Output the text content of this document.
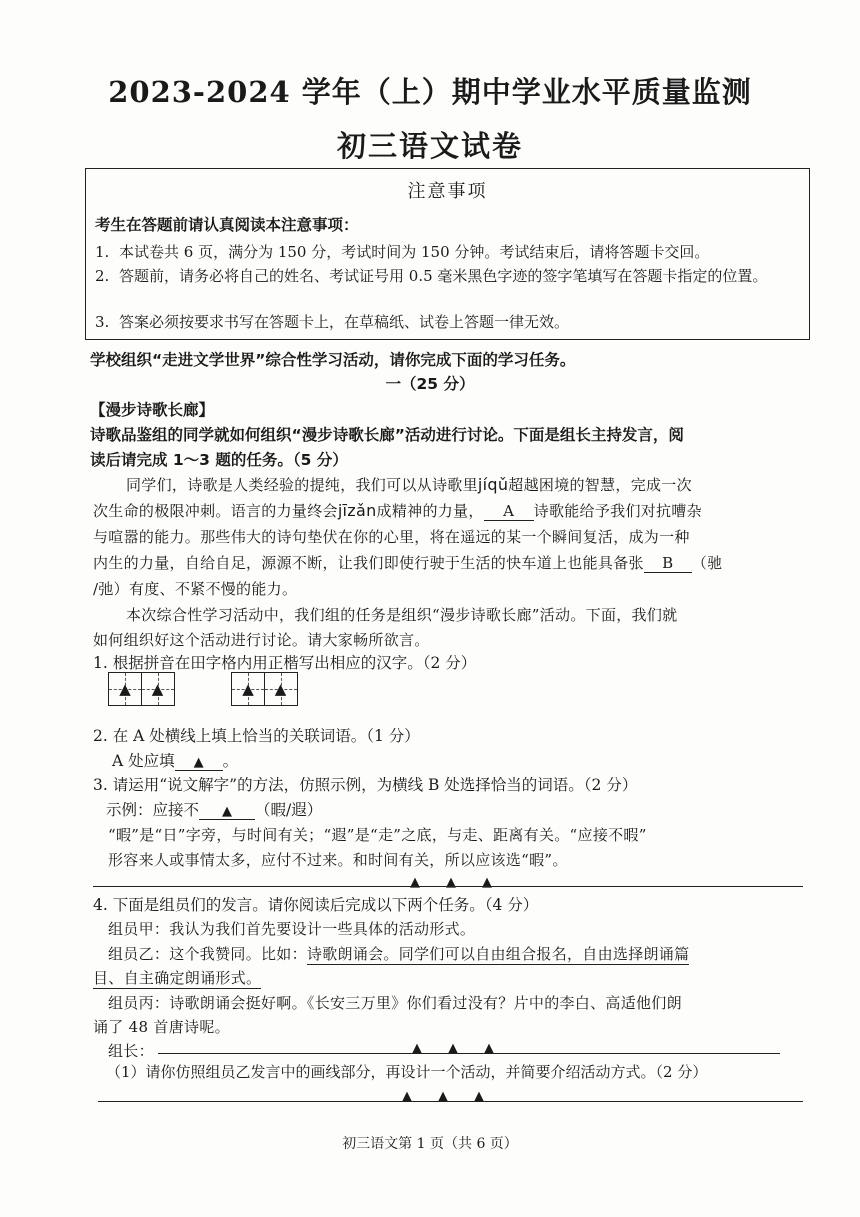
2023-2024 学年（上）期中学业水平质量监测
初三语文试卷
注意事项
考生在答题前请认真阅读本注意事项：
1. 本试卷共 6 页，满分为 150 分，考试时间为 150 分钟。考试结束后，请将答题卡交回。
2. 答题前，请务必将自己的姓名、考试证号用 0.5 毫米黑色字迹的签字笔填写在答题卡指定的位置。
3. 答案必须按要求书写在答题卡上，在草稿纸、试卷上答题一律无效。
学校组织“走进文学世界”综合性学习活动，请你完成下面的学习任务。
一（25 分）
【漫步诗歌长廊】
诗歌品鉴组的同学就如何组织“漫步诗歌长廊”活动进行讨论。下面是组长主持发言，阅
读后请完成 1～3 题的任务。（5 分）
同学们，诗歌是人类经验的提纯，我们可以从诗歌里jíqǔ超越困境的智慧，完成一次
次生命的极限冲刺。语言的力量终会jīzǎn成精神的力量， A 诗歌能给予我们对抗嘈杂
与喧嚣的能力。那些伟大的诗句垫伏在你的心里，将在遥远的某一个瞬间复活，成为一种
内生的力量，自给自足，源源不断，让我们即使行驶于生活的快车道上也能具备张 B （驰
/弛）有度、不紧不慢的能力。
本次综合性学习活动中，我们组的任务是组织“漫步诗歌长廊”活动。下面，我们就
如何组织好这个活动进行讨论。请大家畅所欲言。
1. 根据拼音在田字格内用正楷写出相应的汉字。（2 分）
▲	▲	▲	▲
2. 在 A 处横线上填上恰当的关联词语。（1 分）
A 处应填 ▲ 。
3. 请运用“说文解字”的方法，仿照示例，为横线 B 处选择恰当的词语。（2 分）
示例：应接不 ▲ （暇/遐）
“暇”是“日”字旁，与时间有关；“遐”是“走”之底，与走、距离有关。“应接不暇”
形容来人或事情太多，应付不过来。和时间有关，所以应该选“暇”。
▲　　▲　　▲
4. 下面是组员们的发言。请你阅读后完成以下两个任务。（4 分）
组员甲：我认为我们首先要设计一些具体的活动形式。
组员乙：这个我赞同。比如：诗歌朗诵会。同学们可以自由组合报名，自由选择朗诵篇
目、自主确定朗诵形式。
组员丙：诗歌朗诵会挺好啊。《长安三万里》你们看过没有？片中的李白、高适他们朗
诵了 48 首唐诗呢。
组长：	▲　　▲　　▲
（1）请你仿照组员乙发言中的画线部分，再设计一个活动，并简要介绍活动方式。（2 分）
▲　　▲　　▲
初三语文第 1 页（共 6 页）
